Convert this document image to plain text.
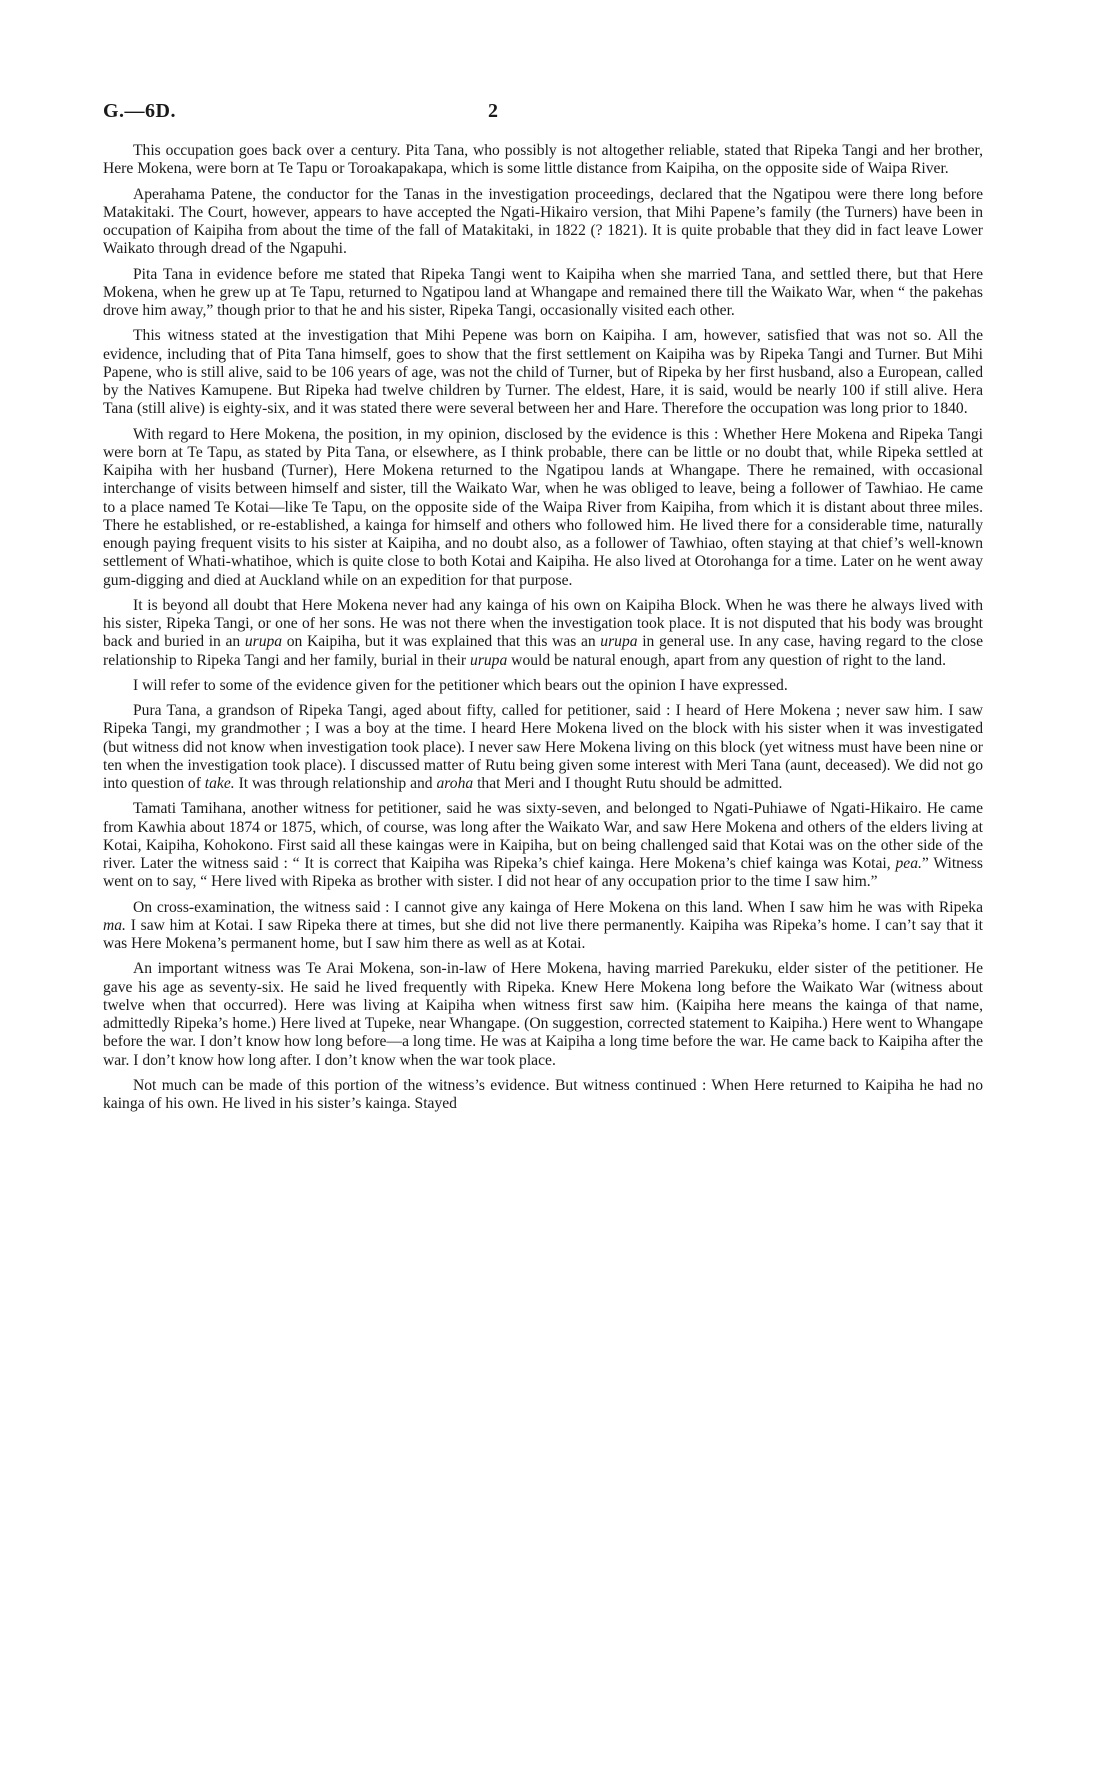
G.—6D.	2

This occupation goes back over a century. Pita Tana, who possibly is not altogether reliable, stated that Ripeka Tangi and her brother, Here Mokena, were born at Te Tapu or Toroakapakapa, which is some little distance from Kaipiha, on the opposite side of Waipa River.

Aperahama Patene, the conductor for the Tanas in the investigation proceedings, declared that the Ngatipou were there long before Matakitaki. The Court, however, appears to have accepted the Ngati-Hikairo version, that Mihi Papene’s family (the Turners) have been in occupation of Kaipiha from about the time of the fall of Matakitaki, in 1822 (? 1821). It is quite probable that they did in fact leave Lower Waikato through dread of the Ngapuhi.

Pita Tana in evidence before me stated that Ripeka Tangi went to Kaipiha when she married Tana, and settled there, but that Here Mokena, when he grew up at Te Tapu, returned to Ngatipou land at Whangape and remained there till the Waikato War, when “ the pakehas drove him away,” though prior to that he and his sister, Ripeka Tangi, occasionally visited each other.

This witness stated at the investigation that Mihi Pepene was born on Kaipiha. I am, however, satisfied that was not so. All the evidence, including that of Pita Tana himself, goes to show that the first settlement on Kaipiha was by Ripeka Tangi and Turner. But Mihi Papene, who is still alive, said to be 106 years of age, was not the child of Turner, but of Ripeka by her first husband, also a European, called by the Natives Kamupene. But Ripeka had twelve children by Turner. The eldest, Hare, it is said, would be nearly 100 if still alive. Hera Tana (still alive) is eighty-six, and it was stated there were several between her and Hare. Therefore the occupation was long prior to 1840.

With regard to Here Mokena, the position, in my opinion, disclosed by the evidence is this : Whether Here Mokena and Ripeka Tangi were born at Te Tapu, as stated by Pita Tana, or elsewhere, as I think probable, there can be little or no doubt that, while Ripeka settled at Kaipiha with her husband (Turner), Here Mokena returned to the Ngatipou lands at Whangape. There he remained, with occasional interchange of visits between himself and sister, till the Waikato War, when he was obliged to leave, being a follower of Tawhiao. He came to a place named Te Kotai—like Te Tapu, on the opposite side of the Waipa River from Kaipiha, from which it is distant about three miles. There he established, or re-established, a kainga for himself and others who followed him. He lived there for a considerable time, naturally enough paying frequent visits to his sister at Kaipiha, and no doubt also, as a follower of Tawhiao, often staying at that chief’s well-known settlement of Whati-whatihoe, which is quite close to both Kotai and Kaipiha. He also lived at Otorohanga for a time. Later on he went away gum-digging and died at Auckland while on an expedition for that purpose.

It is beyond all doubt that Here Mokena never had any kainga of his own on Kaipiha Block. When he was there he always lived with his sister, Ripeka Tangi, or one of her sons. He was not there when the investigation took place. It is not disputed that his body was brought back and buried in an urupa on Kaipiha, but it was explained that this was an urupa in general use. In any case, having regard to the close relationship to Ripeka Tangi and her family, burial in their urupa would be natural enough, apart from any question of right to the land.

I will refer to some of the evidence given for the petitioner which bears out the opinion I have expressed.

Pura Tana, a grandson of Ripeka Tangi, aged about fifty, called for petitioner, said : I heard of Here Mokena ; never saw him. I saw Ripeka Tangi, my grandmother ; I was a boy at the time. I heard Here Mokena lived on the block with his sister when it was investigated (but witness did not know when investigation took place). I never saw Here Mokena living on this block (yet witness must have been nine or ten when the investigation took place). I discussed matter of Rutu being given some interest with Meri Tana (aunt, deceased). We did not go into question of take. It was through relationship and aroha that Meri and I thought Rutu should be admitted.

Tamati Tamihana, another witness for petitioner, said he was sixty-seven, and belonged to Ngati-Puhiawe of Ngati-Hikairo. He came from Kawhia about 1874 or 1875, which, of course, was long after the Waikato War, and saw Here Mokena and others of the elders living at Kotai, Kaipiha, Kohokono. First said all these kaingas were in Kaipiha, but on being challenged said that Kotai was on the other side of the river. Later the witness said : “ It is correct that Kaipiha was Ripeka’s chief kainga. Here Mokena’s chief kainga was Kotai, pea.” Witness went on to say, “ Here lived with Ripeka as brother with sister. I did not hear of any occupation prior to the time I saw him.”

On cross-examination, the witness said : I cannot give any kainga of Here Mokena on this land. When I saw him he was with Ripeka ma. I saw him at Kotai. I saw Ripeka there at times, but she did not live there permanently. Kaipiha was Ripeka’s home. I can’t say that it was Here Mokena’s permanent home, but I saw him there as well as at Kotai.

An important witness was Te Arai Mokena, son-in-law of Here Mokena, having married Parekuku, elder sister of the petitioner. He gave his age as seventy-six. He said he lived frequently with Ripeka. Knew Here Mokena long before the Waikato War (witness about twelve when that occurred). Here was living at Kaipiha when witness first saw him. (Kaipiha here means the kainga of that name, admittedly Ripeka’s home.) Here lived at Tupeke, near Whangape. (On suggestion, corrected statement to Kaipiha.) Here went to Whangape before the war. I don’t know how long before—a long time. He was at Kaipiha a long time before the war. He came back to Kaipiha after the war. I don’t know how long after. I don’t know when the war took place.

Not much can be made of this portion of the witness’s evidence. But witness continued : When Here returned to Kaipiha he had no kainga of his own. He lived in his sister’s kainga. Stayed
